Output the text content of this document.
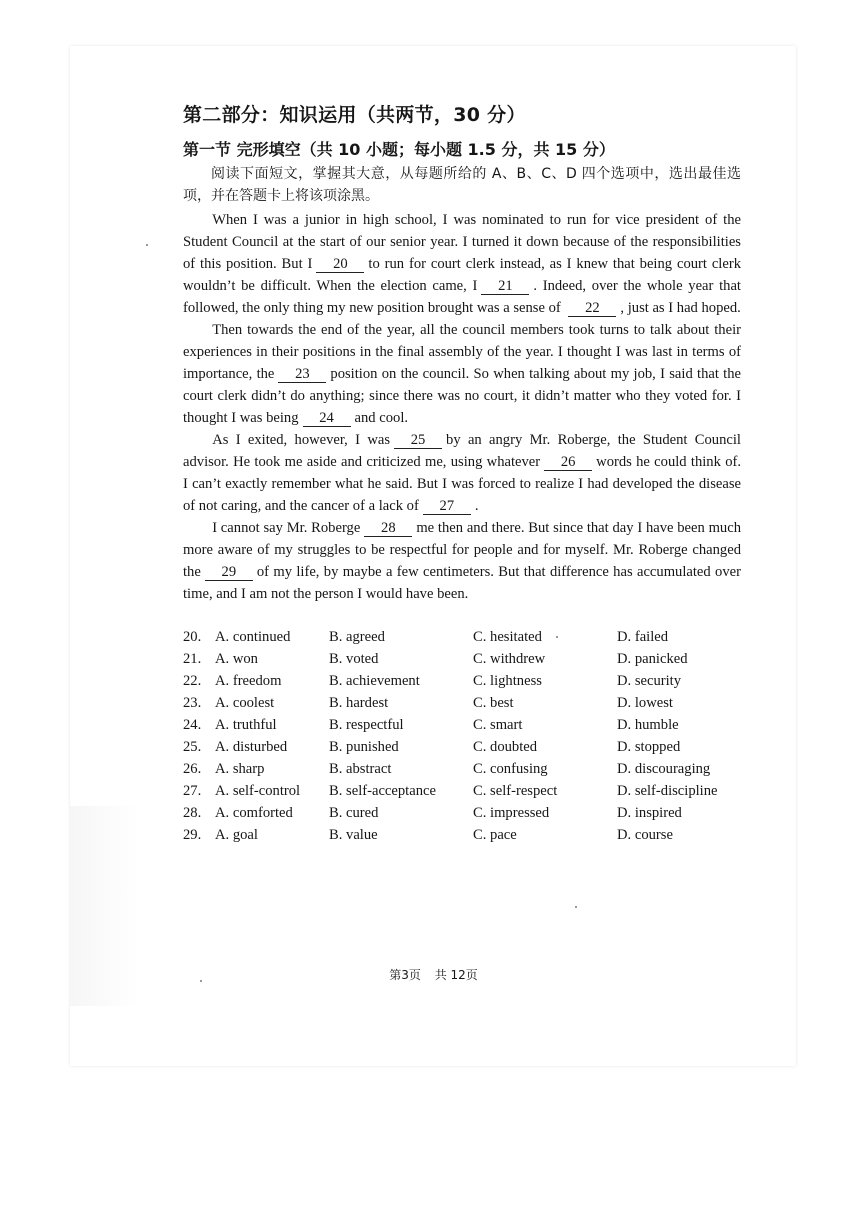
第二部分：知识运用（共两节，30 分）
第一节 完形填空（共 10 小题；每小题 1.5 分，共 15 分）

阅读下面短文，掌握其大意，从每题所给的 A、B、C、D 四个选项中，选出最佳选项，并在答题卡上将该项涂黑。

When I was a junior in high school, I was nominated to run for vice president of the Student Council at the start of our senior year. I turned it down because of the responsibilities of this position. But I 20 to run for court clerk instead, as I knew that being court clerk wouldn’t be difficult. When the election came, I 21 . Indeed, over the whole year that followed, the only thing my new position brought was a sense of 22 , just as I had hoped.

Then towards the end of the year, all the council members took turns to talk about their experiences in their positions in the final assembly of the year. I thought I was last in terms of importance, the 23 position on the council. So when talking about my job, I said that the court clerk didn’t do anything; since there was no court, it didn’t matter who they voted for. I thought I was being 24 and cool.

As I exited, however, I was 25 by an angry Mr. Roberge, the Student Council advisor. He took me aside and criticized me, using whatever 26 words he could think of. I can’t exactly remember what he said. But I was forced to realize I had developed the disease of not caring, and the cancer of a lack of 27 .

I cannot say Mr. Roberge 28 me then and there. But since that day I have been much more aware of my struggles to be respectful for people and for myself. Mr. Roberge changed the 29 of my life, by maybe a few centimeters. But that difference has accumulated over time, and I am not the person I would have been.

20. A. continued	B. agreed	C. hesitated	D. failed
21. A. won	B. voted	C. withdrew	D. panicked
22. A. freedom	B. achievement	C. lightness	D. security
23. A. coolest	B. hardest	C. best	D. lowest
24. A. truthful	B. respectful	C. smart	D. humble
25. A. disturbed	B. punished	C. doubted	D. stopped
26. A. sharp	B. abstract	C. confusing	D. discouraging
27. A. self-control	B. self-acceptance	C. self-respect	D. self-discipline
28. A. comforted	B. cured	C. impressed	D. inspired
29. A. goal	B. value	C. pace	D. course
第3页 共 12页
